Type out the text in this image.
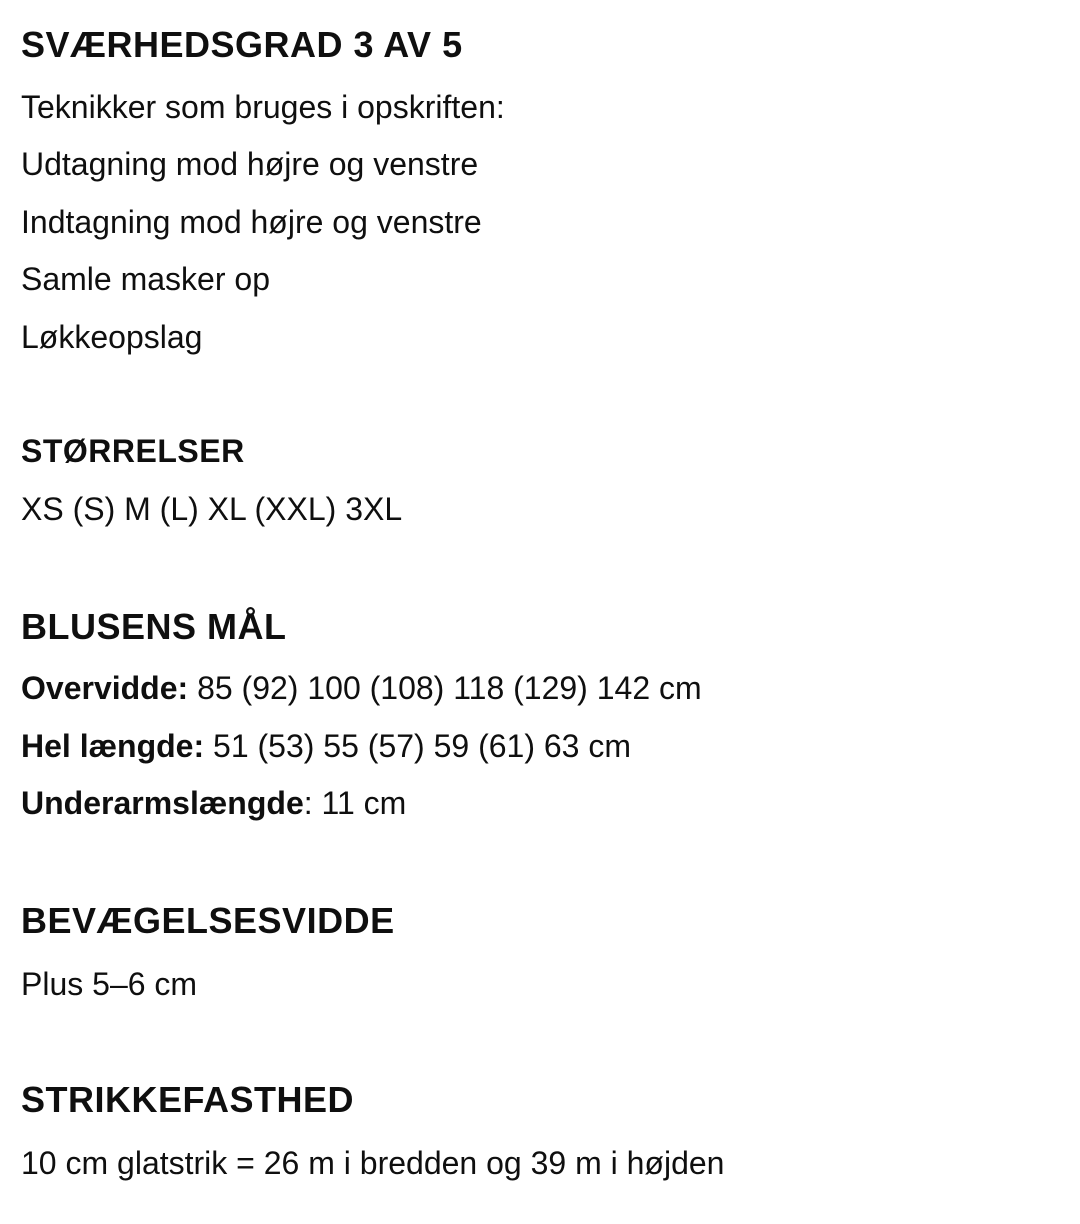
SVÆRHEDSGRAD 3 AV 5

Teknikker som bruges i opskriften:

Udtagning mod højre og venstre

Indtagning mod højre og venstre

Samle masker op

Løkkeopslag

STØRRELSER

XS (S) M (L) XL (XXL) 3XL

BLUSENS MÅL

Overvidde: 85 (92) 100 (108) 118 (129) 142 cm

Hel længde: 51 (53) 55 (57) 59 (61) 63 cm

Underarmslængde: 11 cm

BEVÆGELSESVIDDE

Plus 5–6 cm

STRIKKEFASTHED

10 cm glatstrik = 26 m i bredden og 39 m i højden
